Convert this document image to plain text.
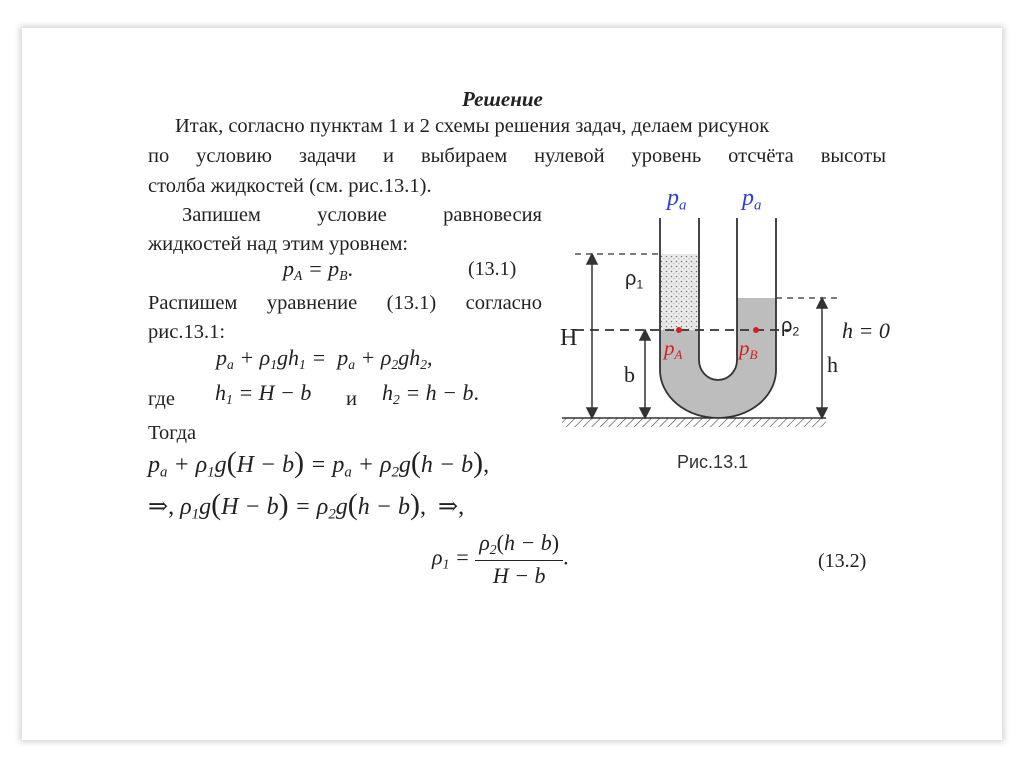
Решение
Итак, согласно пунктам 1 и 2 схемы решения задач, делаем рисунок
по условию задачи и выбираем нулевой уровень отсчёта высоты
столба жидкостей (см. рис.13.1).
Запишем условие равновесия
жидкостей над этим уровнем:
$p_A = p_B$.	(13.1)
Распишем уравнение (13.1) согласно
рис.13.1:
$p_a + \rho_1gh_1 = p_a + \rho_2gh_2$,
где $h_1 = H - b$ и $h_2 = h - b$.
Тогда
$p_a + \rho_1g(H - b) = p_a + \rho_2g(h - b)$,
⇒, $\rho_1g(H - b) = \rho_2g(h - b)$,  ⇒,
$\rho_1 = \frac{\rho_2(h - b)}{H - b}$ .	(13.2)
$p_a$ $p_a$
$\rho_1$
$\rho_2$
H
b	h
h = 0
$p_A$	$p_B$
Рис.13.1
